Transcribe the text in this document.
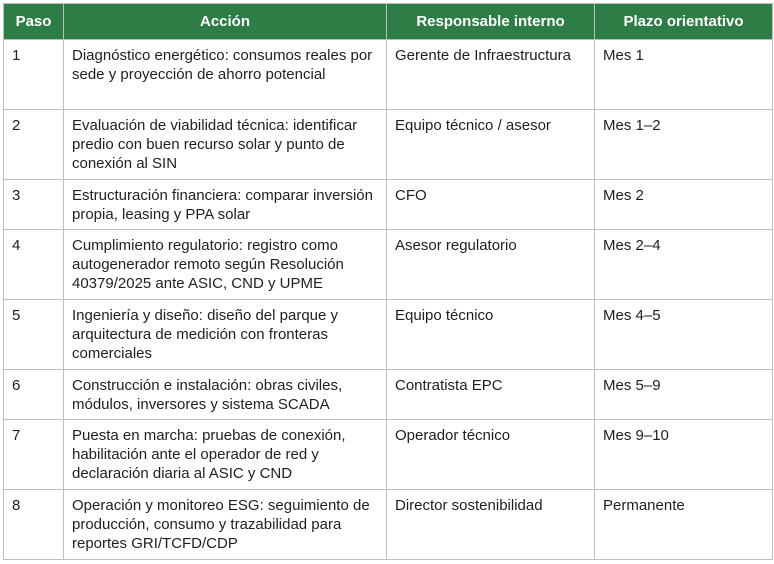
Paso	Acción	Responsable interno	Plazo orientativo
1	Diagnóstico energético: consumos reales por sede y proyección de ahorro potencial	Gerente de Infraestructura	Mes 1
2	Evaluación de viabilidad técnica: identificar predio con buen recurso solar y punto de conexión al SIN	Equipo técnico / asesor	Mes 1–2
3	Estructuración financiera: comparar inversión propia, leasing y PPA solar	CFO	Mes 2
4	Cumplimiento regulatorio: registro como autogenerador remoto según Resolución 40379/2025 ante ASIC, CND y UPME	Asesor regulatorio	Mes 2–4
5	Ingeniería y diseño: diseño del parque y arquitectura de medición con fronteras comerciales	Equipo técnico	Mes 4–5
6	Construcción e instalación: obras civiles, módulos, inversores y sistema SCADA	Contratista EPC	Mes 5–9
7	Puesta en marcha: pruebas de conexión, habilitación ante el operador de red y declaración diaria al ASIC y CND	Operador técnico	Mes 9–10
8	Operación y monitoreo ESG: seguimiento de producción, consumo y trazabilidad para reportes GRI/TCFD/CDP	Director sostenibilidad	Permanente
